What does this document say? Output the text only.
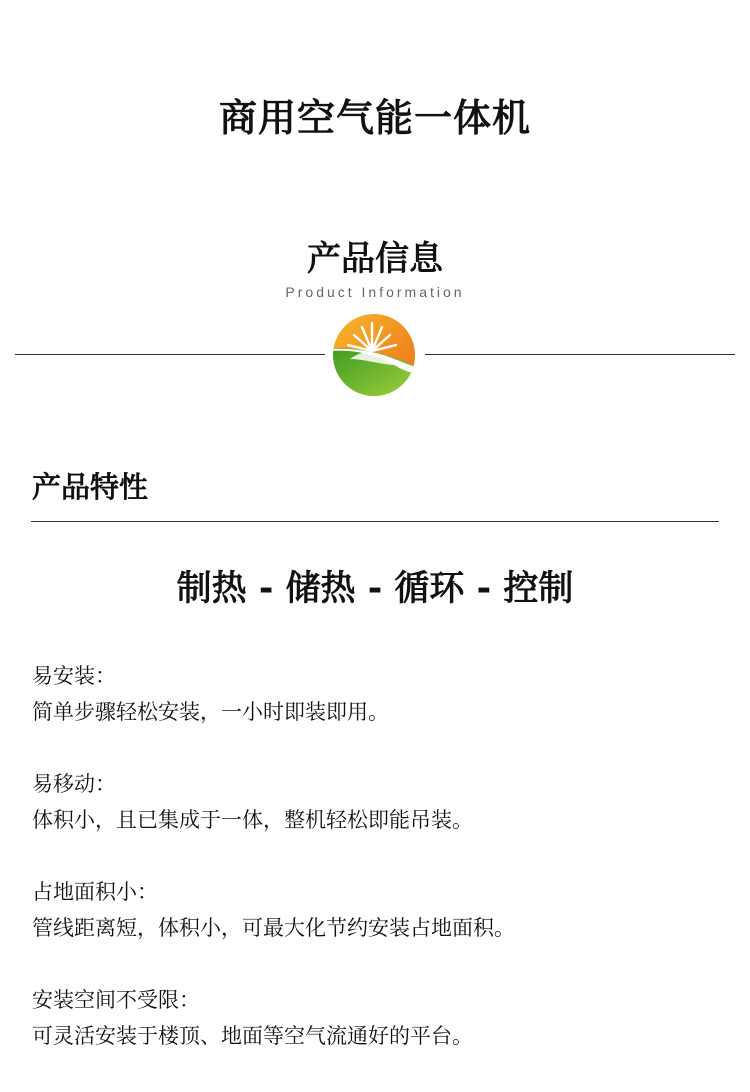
商用空气能一体机
产品信息
Product Information
产品特性
制热 - 储热 - 循环 - 控制
易安装：
简单步骤轻松安装，一小时即装即用。
易移动：
体积小，且已集成于一体，整机轻松即能吊装。
占地面积小：
管线距离短，体积小，可最大化节约安装占地面积。
安装空间不受限：
可灵活安装于楼顶、地面等空气流通好的平台。
